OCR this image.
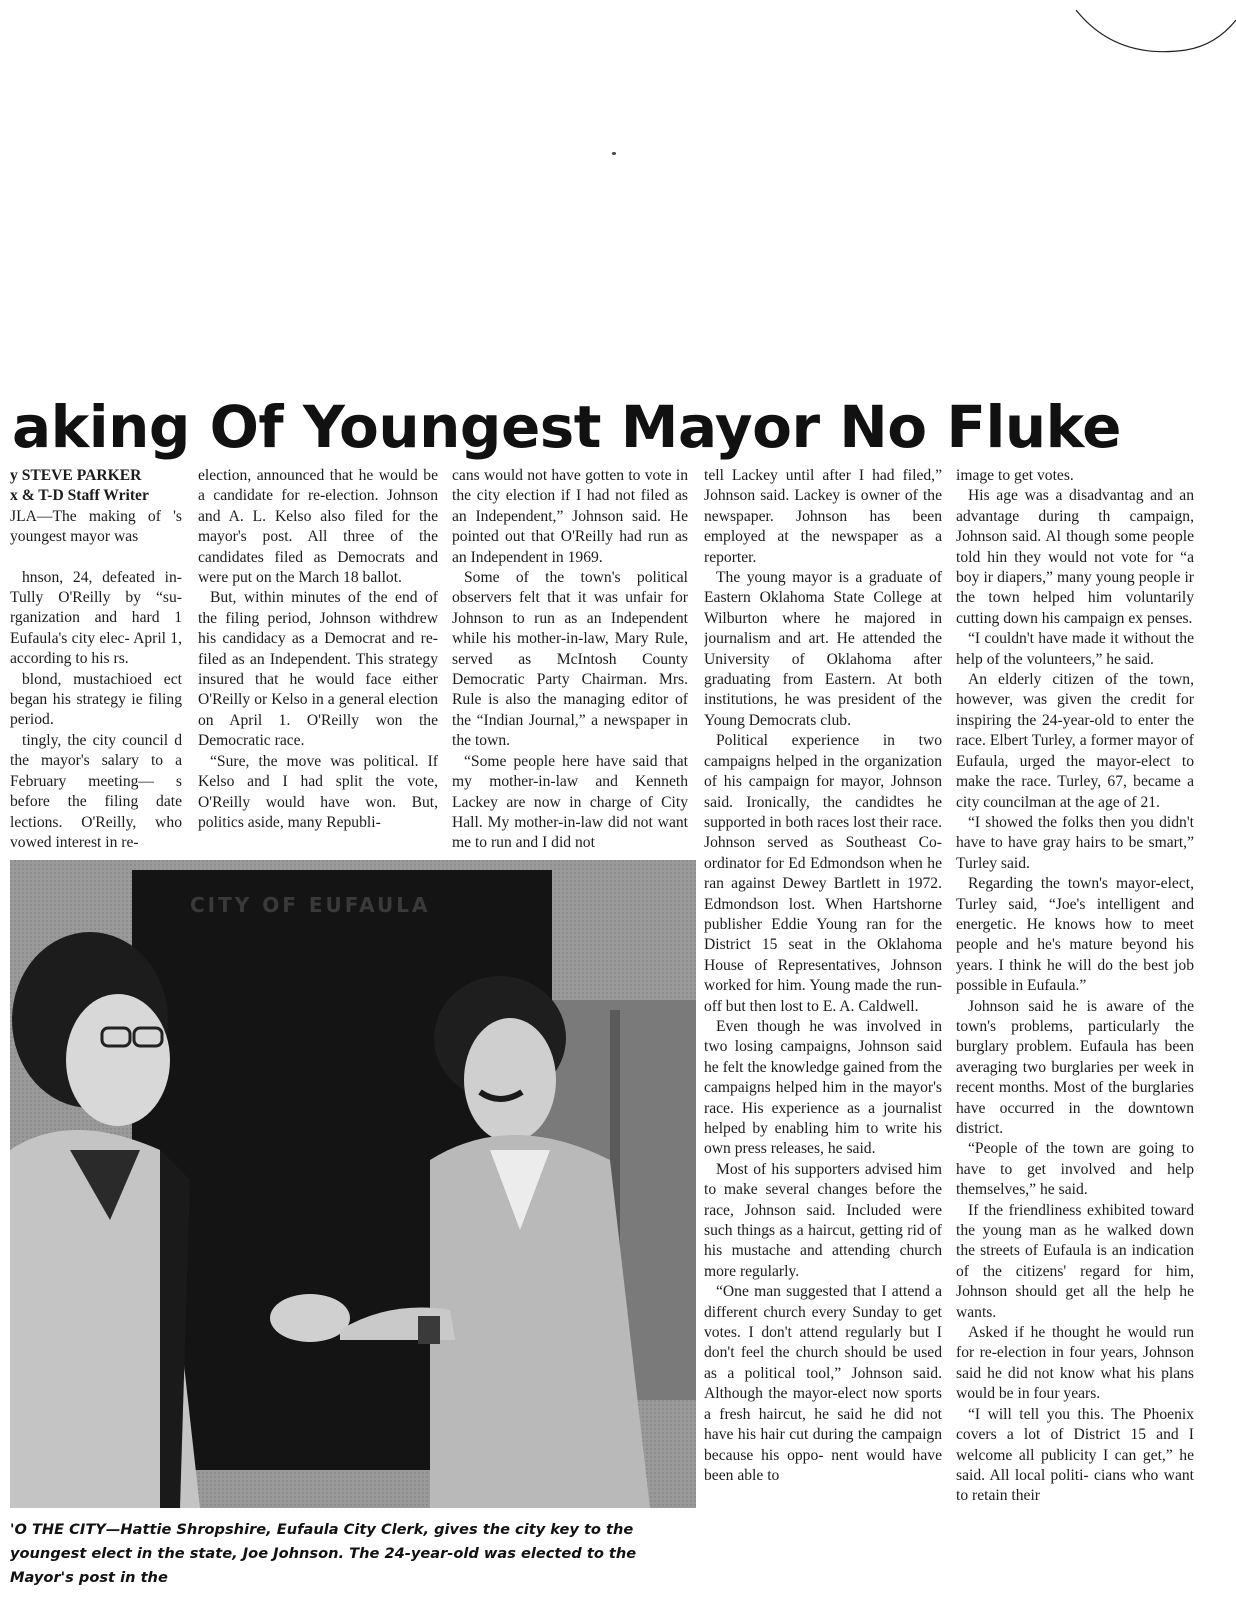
aking Of Youngest Mayor No Fluke

y STEVE PARKER

x & T-D Staff Writer

JLA—The making of 's youngest mayor was

hnson, 24, defeated in- Tully O'Reilly by “su- rganization and hard 1 Eufaula's city elec- April 1, according to his rs.

blond, mustachioed ect began his strategy ie filing period.

tingly, the city council d the mayor's salary to a February meeting— s before the filing date lections. O'Reilly, who vowed interest in re-

election, announced that he would be a candidate for re-election. Johnson and A. L. Kelso also filed for the mayor's post. All three of the candidates filed as Democrats and were put on the March 18 ballot.

But, within minutes of the end of the filing period, Johnson withdrew his candidacy as a Democrat and re-filed as an Independent. This strategy insured that he would face either O'Reilly or Kelso in a general election on April 1. O'Reilly won the Democratic race.

“Sure, the move was political. If Kelso and I had split the vote, O'Reilly would have won. But, politics aside, many Republi-

cans would not have gotten to vote in the city election if I had not filed as an Independent,” Johnson said. He pointed out that O'Reilly had run as an Independent in 1969.

Some of the town's political observers felt that it was unfair for Johnson to run as an Independent while his mother-in-law, Mary Rule, served as McIntosh County Democratic Party Chairman. Mrs. Rule is also the managing editor of the “Indian Journal,” a newspaper in the town.

“Some people here have said that my mother-in-law and Kenneth Lackey are now in charge of City Hall. My mother-in-law did not want me to run and I did not

tell Lackey until after I had filed,” Johnson said. Lackey is owner of the newspaper. Johnson has been employed at the newspaper as a reporter.

The young mayor is a graduate of Eastern Oklahoma State College at Wilburton where he majored in journalism and art. He attended the University of Oklahoma after graduating from Eastern. At both institutions, he was president of the Young Democrats club.

Political experience in two campaigns helped in the organization of his campaign for mayor, Johnson said. Ironically, the candidtes he supported in both races lost their race. Johnson served as Southeast Co-ordinator for Ed Edmondson when he ran against Dewey Bartlett in 1972. Edmondson lost. When Hartshorne publisher Eddie Young ran for the District 15 seat in the Oklahoma House of Representatives, Johnson worked for him. Young made the run-off but then lost to E. A. Caldwell.

Even though he was involved in two losing campaigns, Johnson said he felt the knowledge gained from the campaigns helped him in the mayor's race. His experience as a journalist helped by enabling him to write his own press releases, he said.

Most of his supporters advised him to make several changes before the race, Johnson said. Included were such things as a haircut, getting rid of his mustache and attending church more regularly.

“One man suggested that I attend a different church every Sunday to get votes. I don't attend regularly but I don't feel the church should be used as a political tool,” Johnson said. Although the mayor-elect now sports a fresh haircut, he said he did not have his hair cut during the campaign because his oppo- nent would have been able to

image to get votes.

His age was a disadvantag and an advantage during th campaign, Johnson said. Al though some people told hin they would not vote for “a boy ir diapers,” many young people ir the town helped him voluntarily cutting down his campaign ex penses.

“I couldn't have made it without the help of the volunteers,” he said.

An elderly citizen of the town, however, was given the credit for inspiring the 24-year-old to enter the race. Elbert Turley, a former mayor of Eufaula, urged the mayor-elect to make the race. Turley, 67, became a city councilman at the age of 21.

“I showed the folks then you didn't have to have gray hairs to be smart,” Turley said.

Regarding the town's mayor-elect, Turley said, “Joe's intelligent and energetic. He knows how to meet people and he's mature beyond his years. I think he will do the best job possible in Eufaula.”

Johnson said he is aware of the town's problems, particularly the burglary problem. Eufaula has been averaging two burglaries per week in recent months. Most of the burglaries have occurred in the downtown district.

“People of the town are going to have to get involved and help themselves,” he said.

If the friendliness exhibited toward the young man as he walked down the streets of Eufaula is an indication of the citizens' regard for him, Johnson should get all the help he wants.

Asked if he thought he would run for re-election in four years, Johnson said he did not know what his plans would be in four years.

“I will tell you this. The Phoenix covers a lot of District 15 and I welcome all publicity I can get,” he said. All local politi- cians who want to retain their

CITY OF EUFAULA
'O THE CITY—Hattie Shropshire, Eufaula City Clerk, gives the city key to the youngest elect in the state, Joe Johnson. The 24-year-old was elected to the Mayor's post in the
